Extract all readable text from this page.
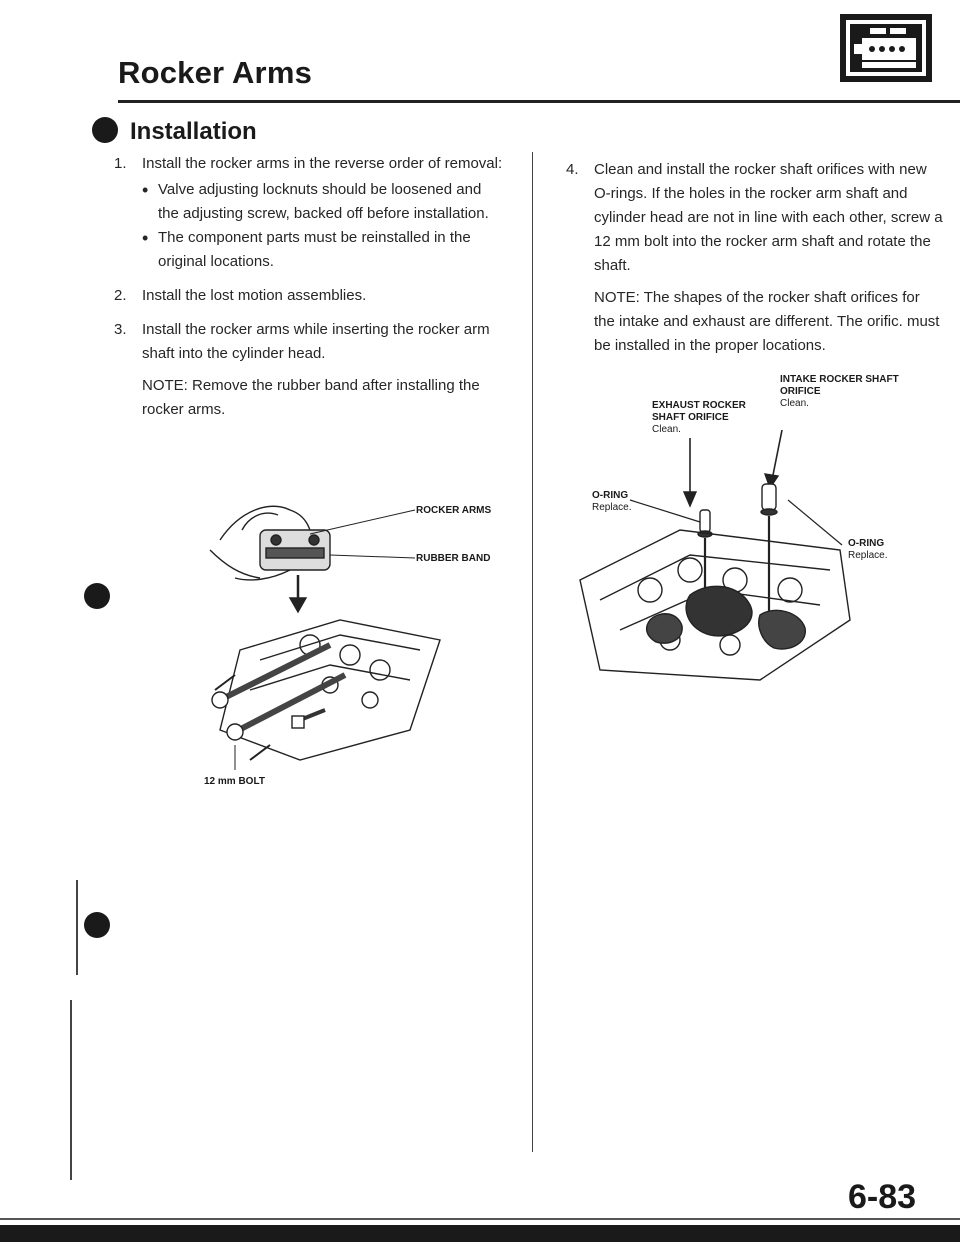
Rocker Arms
Installation
1. Install the rocker arms in the reverse order of removal:
• Valve adjusting locknuts should be loosened and the adjusting screw, backed off before installation.
• The component parts must be reinstalled in the original locations.
2. Install the lost motion assemblies.
3. Install the rocker arms while inserting the rocker arm shaft into the cylinder head.
NOTE: Remove the rubber band after installing the rocker arms.
ROCKER ARMS
RUBBER BAND
12 mm BOLT
4. Clean and install the rocker shaft orifices with new O-rings. If the holes in the rocker arm shaft and cylinder head are not in line with each other, screw a 12 mm bolt into the rocker arm shaft and rotate the shaft.
NOTE: The shapes of the rocker shaft orifices for the intake and exhaust are different. The orific. must be installed in the proper locations.
INTAKE ROCKER SHAFT ORIFICE
Clean.
EXHAUST ROCKER SHAFT ORIFICE
Clean.
O-RING
Replace.
O-RING
Replace.
6-83
